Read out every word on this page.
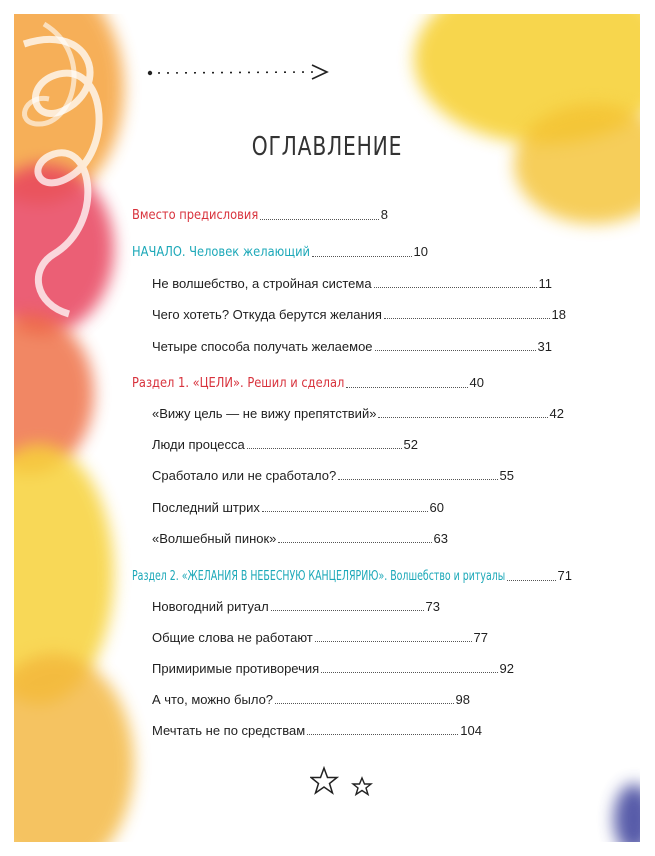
ОГЛАВЛЕНИЕ
Вместо предисловия	8
НАЧАЛО. Человек желающий	10
Не волшебство, а стройная система	11
Чего хотеть? Откуда берутся желания	18
Четыре способа получать желаемое	31
Раздел 1. «ЦЕЛИ». Решил и сделал	40
«Вижу цель — не вижу препятствий»	42
Люди процесса	52
Сработало или не сработало?	55
Последний штрих	60
«Волшебный пинок»	63
Раздел 2. «ЖЕЛАНИЯ В НЕБЕСНУЮ КАНЦЕЛЯРИЮ». Волшебство и ритуалы	71
Новогодний ритуал	73
Общие слова не работают	77
Примиримые противоречия	92
А что, можно было?	98
Мечтать не по средствам	104
